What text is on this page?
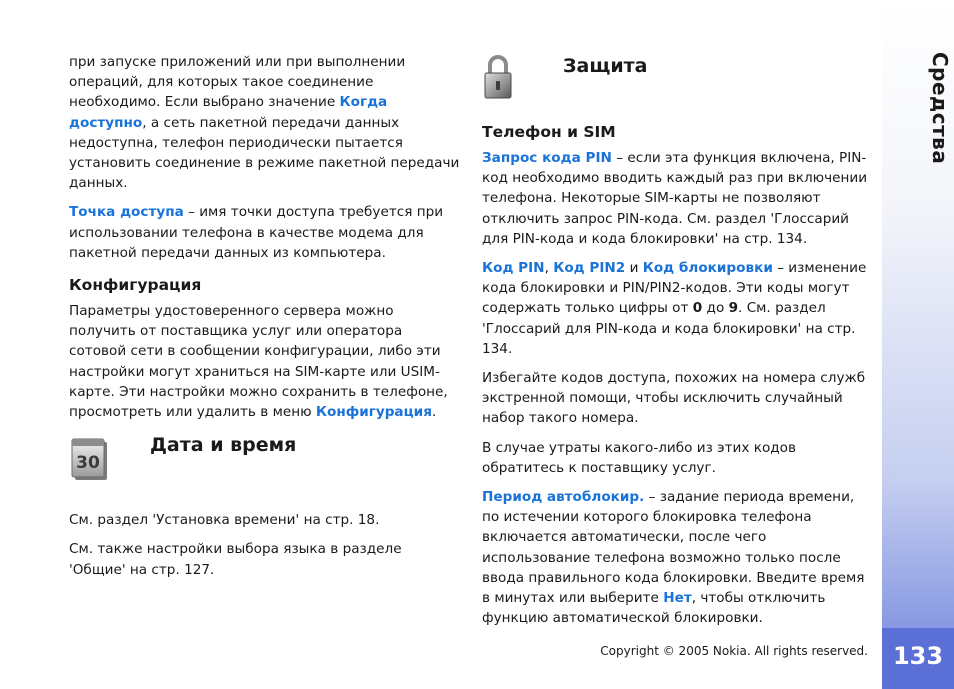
при запуске приложений или при выполнении операций, для которых такое соединение необходимо. Если выбрано значение Когда доступно, а сеть пакетной передачи данных недоступна, телефон периодически пытается установить соединение в режиме пакетной передачи данных.

Точка доступа – имя точки доступа требуется при использовании телефона в качестве модема для пакетной передачи данных из компьютера.

Конфигурация

Параметры удостоверенного сервера можно получить от поставщика услуг или оператора сотовой сети в сообщении конфигурации, либо эти настройки могут храниться на SIM-карте или USIM-карте. Эти настройки можно сохранить в телефоне, просмотреть или удалить в меню Конфигурация.

30
Дата и время

См. раздел 'Установка времени' на стр. 18.

См. также настройки выбора языка в разделе 'Общие' на стр. 127.

Защита
Телефон и SIM

Запрос кода PIN – если эта функция включена, PIN-код необходимо вводить каждый раз при включении телефона. Некоторые SIM-карты не позволяют отключить запрос PIN-кода. См. раздел 'Глоссарий для PIN-кода и кода блокировки' на стр. 134.

Код PIN, Код PIN2 и Код блокировки – изменение кода блокировки и PIN/PIN2-кодов. Эти коды могут содержать только цифры от 0 до 9. См. раздел 'Глоссарий для PIN-кода и кода блокировки' на стр. 134.

Избегайте кодов доступа, похожих на номера служб экстренной помощи, чтобы исключить случайный набор такого номера.

В случае утраты какого-либо из этих кодов обратитесь к поставщику услуг.

Период автоблокир. – задание периода времени, по истечении которого блокировка телефона включается автоматически, после чего использование телефона возможно только после ввода правильного кода блокировки. Введите время в минутах или выберите Нет, чтобы отключить функцию автоматической блокировки.

Средства
133
Copyright © 2005 Nokia. All rights reserved.
